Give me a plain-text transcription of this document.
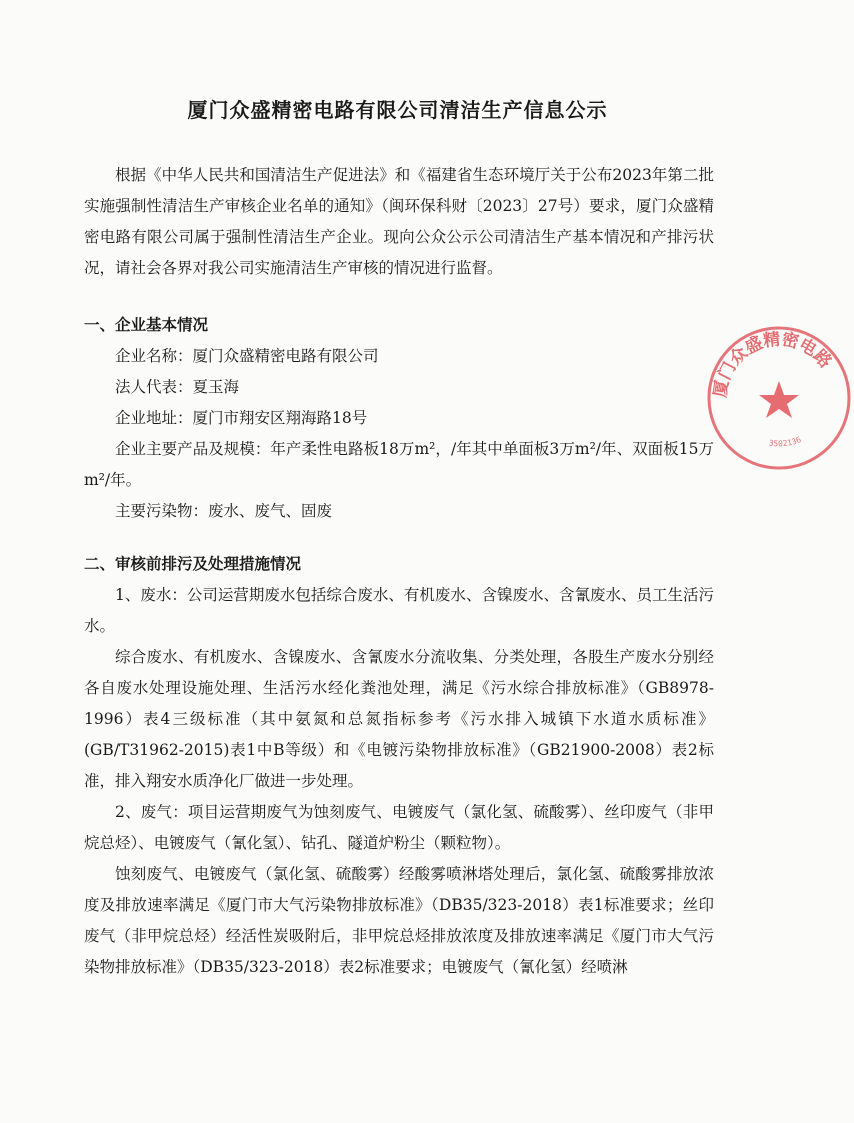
厦门众盛精密电路有限公司清洁生产信息公示

根据《中华人民共和国清洁生产促进法》和《福建省生态环境厅关于公布2023年第二批实施强制性清洁生产审核企业名单的通知》（闽环保科财〔2023〕27号）要求，厦门众盛精密电路有限公司属于强制性清洁生产企业。现向公众公示公司清洁生产基本情况和产排污状况，请社会各界对我公司实施清洁生产审核的情况进行监督。

一、企业基本情况

企业名称：厦门众盛精密电路有限公司

法人代表：夏玉海

企业地址：厦门市翔安区翔海路18号

企业主要产品及规模：年产柔性电路板18万m²，/年其中单面板3万m²/年、双面板15万m²/年。

主要污染物：废水、废气、固废

二、审核前排污及处理措施情况

1、废水：公司运营期废水包括综合废水、有机废水、含镍废水、含氰废水、员工生活污水。

综合废水、有机废水、含镍废水、含氰废水分流收集、分类处理，各股生产废水分别经各自废水处理设施处理、生活污水经化粪池处理，满足《污水综合排放标准》（GB8978-1996）表4三级标准（其中氨氮和总氮指标参考《污水排入城镇下水道水质标准》(GB/T31962-2015)表1中B等级）和《电镀污染物排放标准》（GB21900-2008）表2标准，排入翔安水质净化厂做进一步处理。

2、废气：项目运营期废气为蚀刻废气、电镀废气（氯化氢、硫酸雾）、丝印废气（非甲烷总烃）、电镀废气（氰化氢）、钻孔、隧道炉粉尘（颗粒物）。

蚀刻废气、电镀废气（氯化氢、硫酸雾）经酸雾喷淋塔处理后，氯化氢、硫酸雾排放浓度及排放速率满足《厦门市大气污染物排放标准》（DB35/323-2018）表1标准要求；丝印废气（非甲烷总烃）经活性炭吸附后，非甲烷总烃排放浓度及排放速率满足《厦门市大气污染物排放标准》（DB35/323-2018）表2标准要求；电镀废气（氰化氢）经喷淋

厦门众盛精密电路
3502136
